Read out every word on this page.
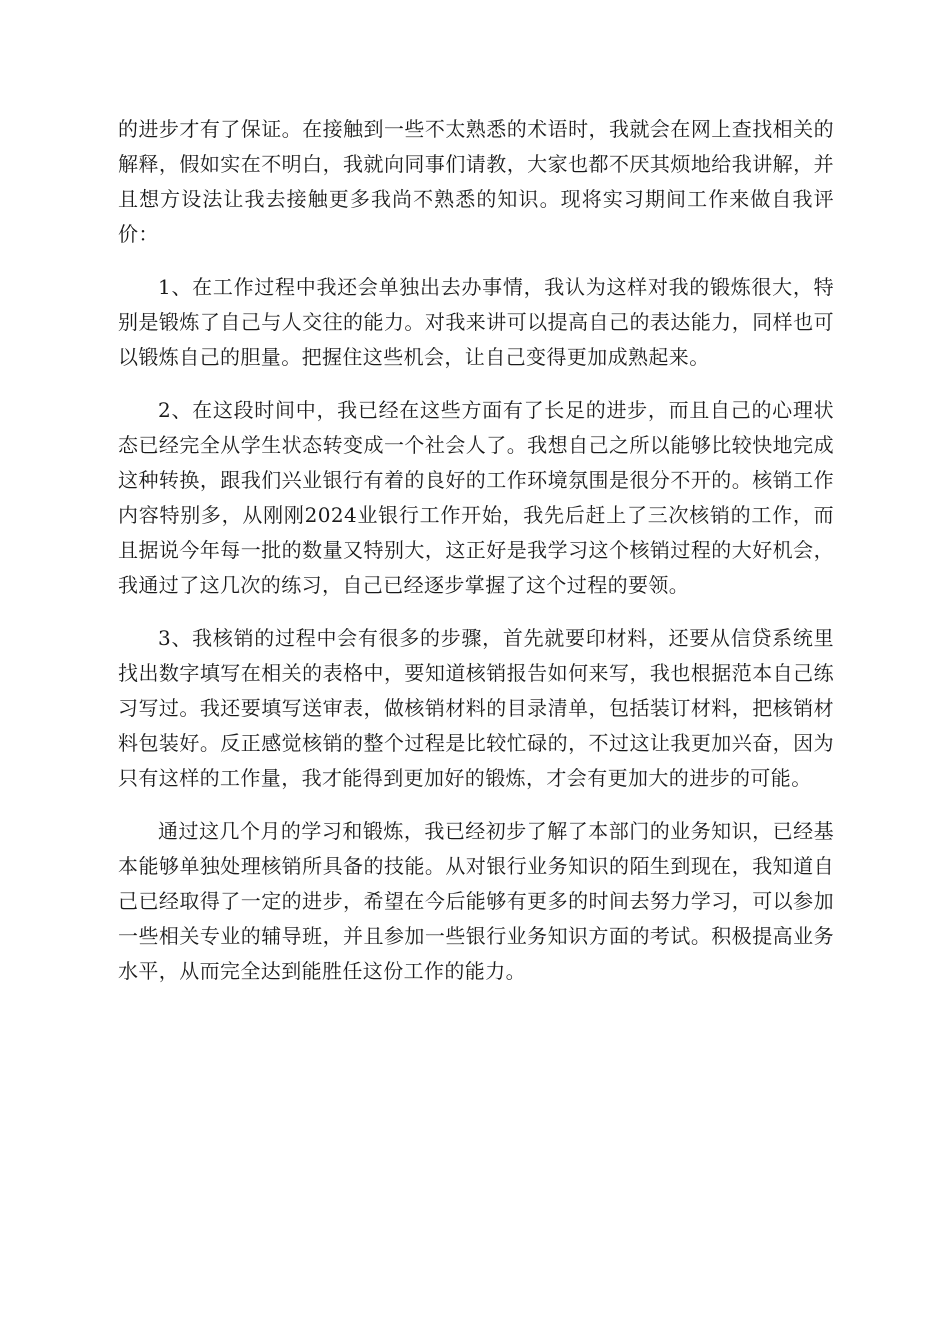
的进步才有了保证。在接触到一些不太熟悉的术语时，我就会在网上查找相关的解释，假如实在不明白，我就向同事们请教，大家也都不厌其烦地给我讲解，并且想方设法让我去接触更多我尚不熟悉的知识。现将实习期间工作来做自我评价：

1、在工作过程中我还会单独出去办事情，我认为这样对我的锻炼很大，特别是锻炼了自己与人交往的能力。对我来讲可以提高自己的表达能力，同样也可以锻炼自己的胆量。把握住这些机会，让自己变得更加成熟起来。

2、在这段时间中，我已经在这些方面有了长足的进步，而且自己的心理状态已经完全从学生状态转变成一个社会人了。我想自己之所以能够比较快地完成这种转换，跟我们兴业银行有着的良好的工作环境氛围是很分不开的。核销工作内容特别多，从刚刚2024业银行工作开始，我先后赶上了三次核销的工作，而且据说今年每一批的数量又特别大，这正好是我学习这个核销过程的大好机会，我通过了这几次的练习，自己已经逐步掌握了这个过程的要领。

3、我核销的过程中会有很多的步骤，首先就要印材料，还要从信贷系统里找出数字填写在相关的表格中，要知道核销报告如何来写，我也根据范本自己练习写过。我还要填写送审表，做核销材料的目录清单，包括装订材料，把核销材料包装好。反正感觉核销的整个过程是比较忙碌的，不过这让我更加兴奋，因为只有这样的工作量，我才能得到更加好的锻炼，才会有更加大的进步的可能。

通过这几个月的学习和锻炼，我已经初步了解了本部门的业务知识，已经基本能够单独处理核销所具备的技能。从对银行业务知识的陌生到现在，我知道自己已经取得了一定的进步，希望在今后能够有更多的时间去努力学习，可以参加一些相关专业的辅导班，并且参加一些银行业务知识方面的考试。积极提高业务水平，从而完全达到能胜任这份工作的能力。
